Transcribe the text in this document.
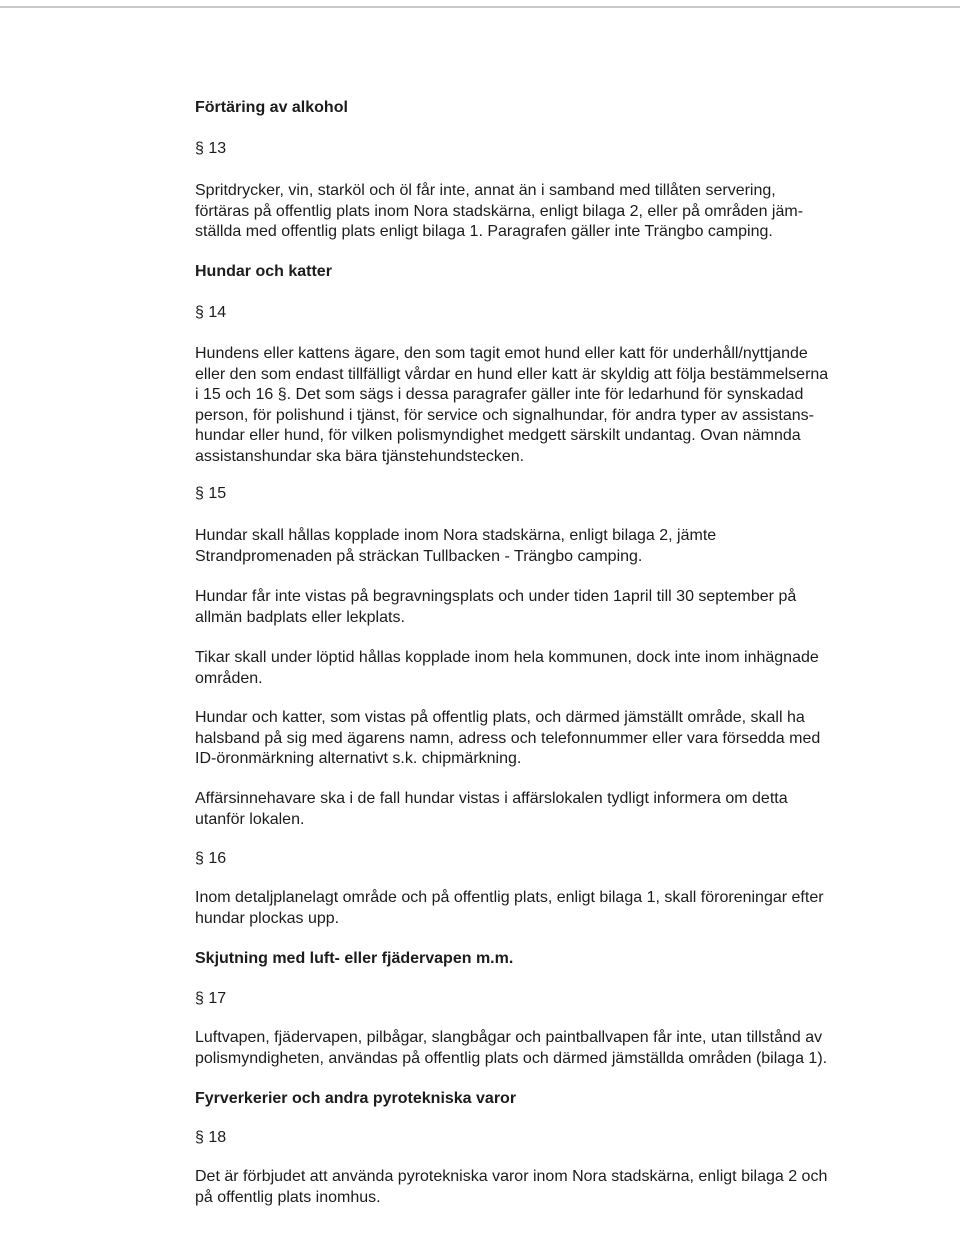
Förtäring av alkohol
§ 13

Spritdrycker, vin, starköl och öl får inte, annat än i samband med tillåten servering,
förtäras på offentlig plats inom Nora stadskärna, enligt bilaga 2, eller på områden jäm-
ställda med offentlig plats enligt bilaga 1. Paragrafen gäller inte Trängbo camping.

Hundar och katter
§ 14

Hundens eller kattens ägare, den som tagit emot hund eller katt för underhåll/nyttjande
eller den som endast tillfälligt vårdar en hund eller katt är skyldig att följa bestämmelserna
i 15 och 16 §. Det som sägs i dessa paragrafer gäller inte för ledarhund för synskadad
person, för polishund i tjänst, för service och signalhundar, för andra typer av assistans-
hundar eller hund, för vilken polismyndighet medgett särskilt undantag. Ovan nämnda
assistanshundar ska bära tjänstehundstecken.

§ 15

Hundar skall hållas kopplade inom Nora stadskärna, enligt bilaga 2, jämte
Strandpromenaden på sträckan Tullbacken - Trängbo camping.

Hundar får inte vistas på begravningsplats och under tiden 1april till 30 september på
allmän badplats eller lekplats.

Tikar skall under löptid hållas kopplade inom hela kommunen, dock inte inom inhägnade
områden.

Hundar och katter, som vistas på offentlig plats, och därmed jämställt område, skall ha
halsband på sig med ägarens namn, adress och telefonnummer eller vara försedda med
ID-öronmärkning alternativt s.k. chipmärkning.

Affärsinnehavare ska i de fall hundar vistas i affärslokalen tydligt informera om detta
utanför lokalen.

§ 16

Inom detaljplanelagt område och på offentlig plats, enligt bilaga 1, skall föroreningar efter
hundar plockas upp.

Skjutning med luft- eller fjädervapen m.m.
§ 17

Luftvapen, fjädervapen, pilbågar, slangbågar och paintballvapen får inte, utan tillstånd av
polismyndigheten, användas på offentlig plats och därmed jämställda områden (bilaga 1).

Fyrverkerier och andra pyrotekniska varor
§ 18

Det är förbjudet att använda pyrotekniska varor inom Nora stadskärna, enligt bilaga 2 och
på offentlig plats inomhus.
